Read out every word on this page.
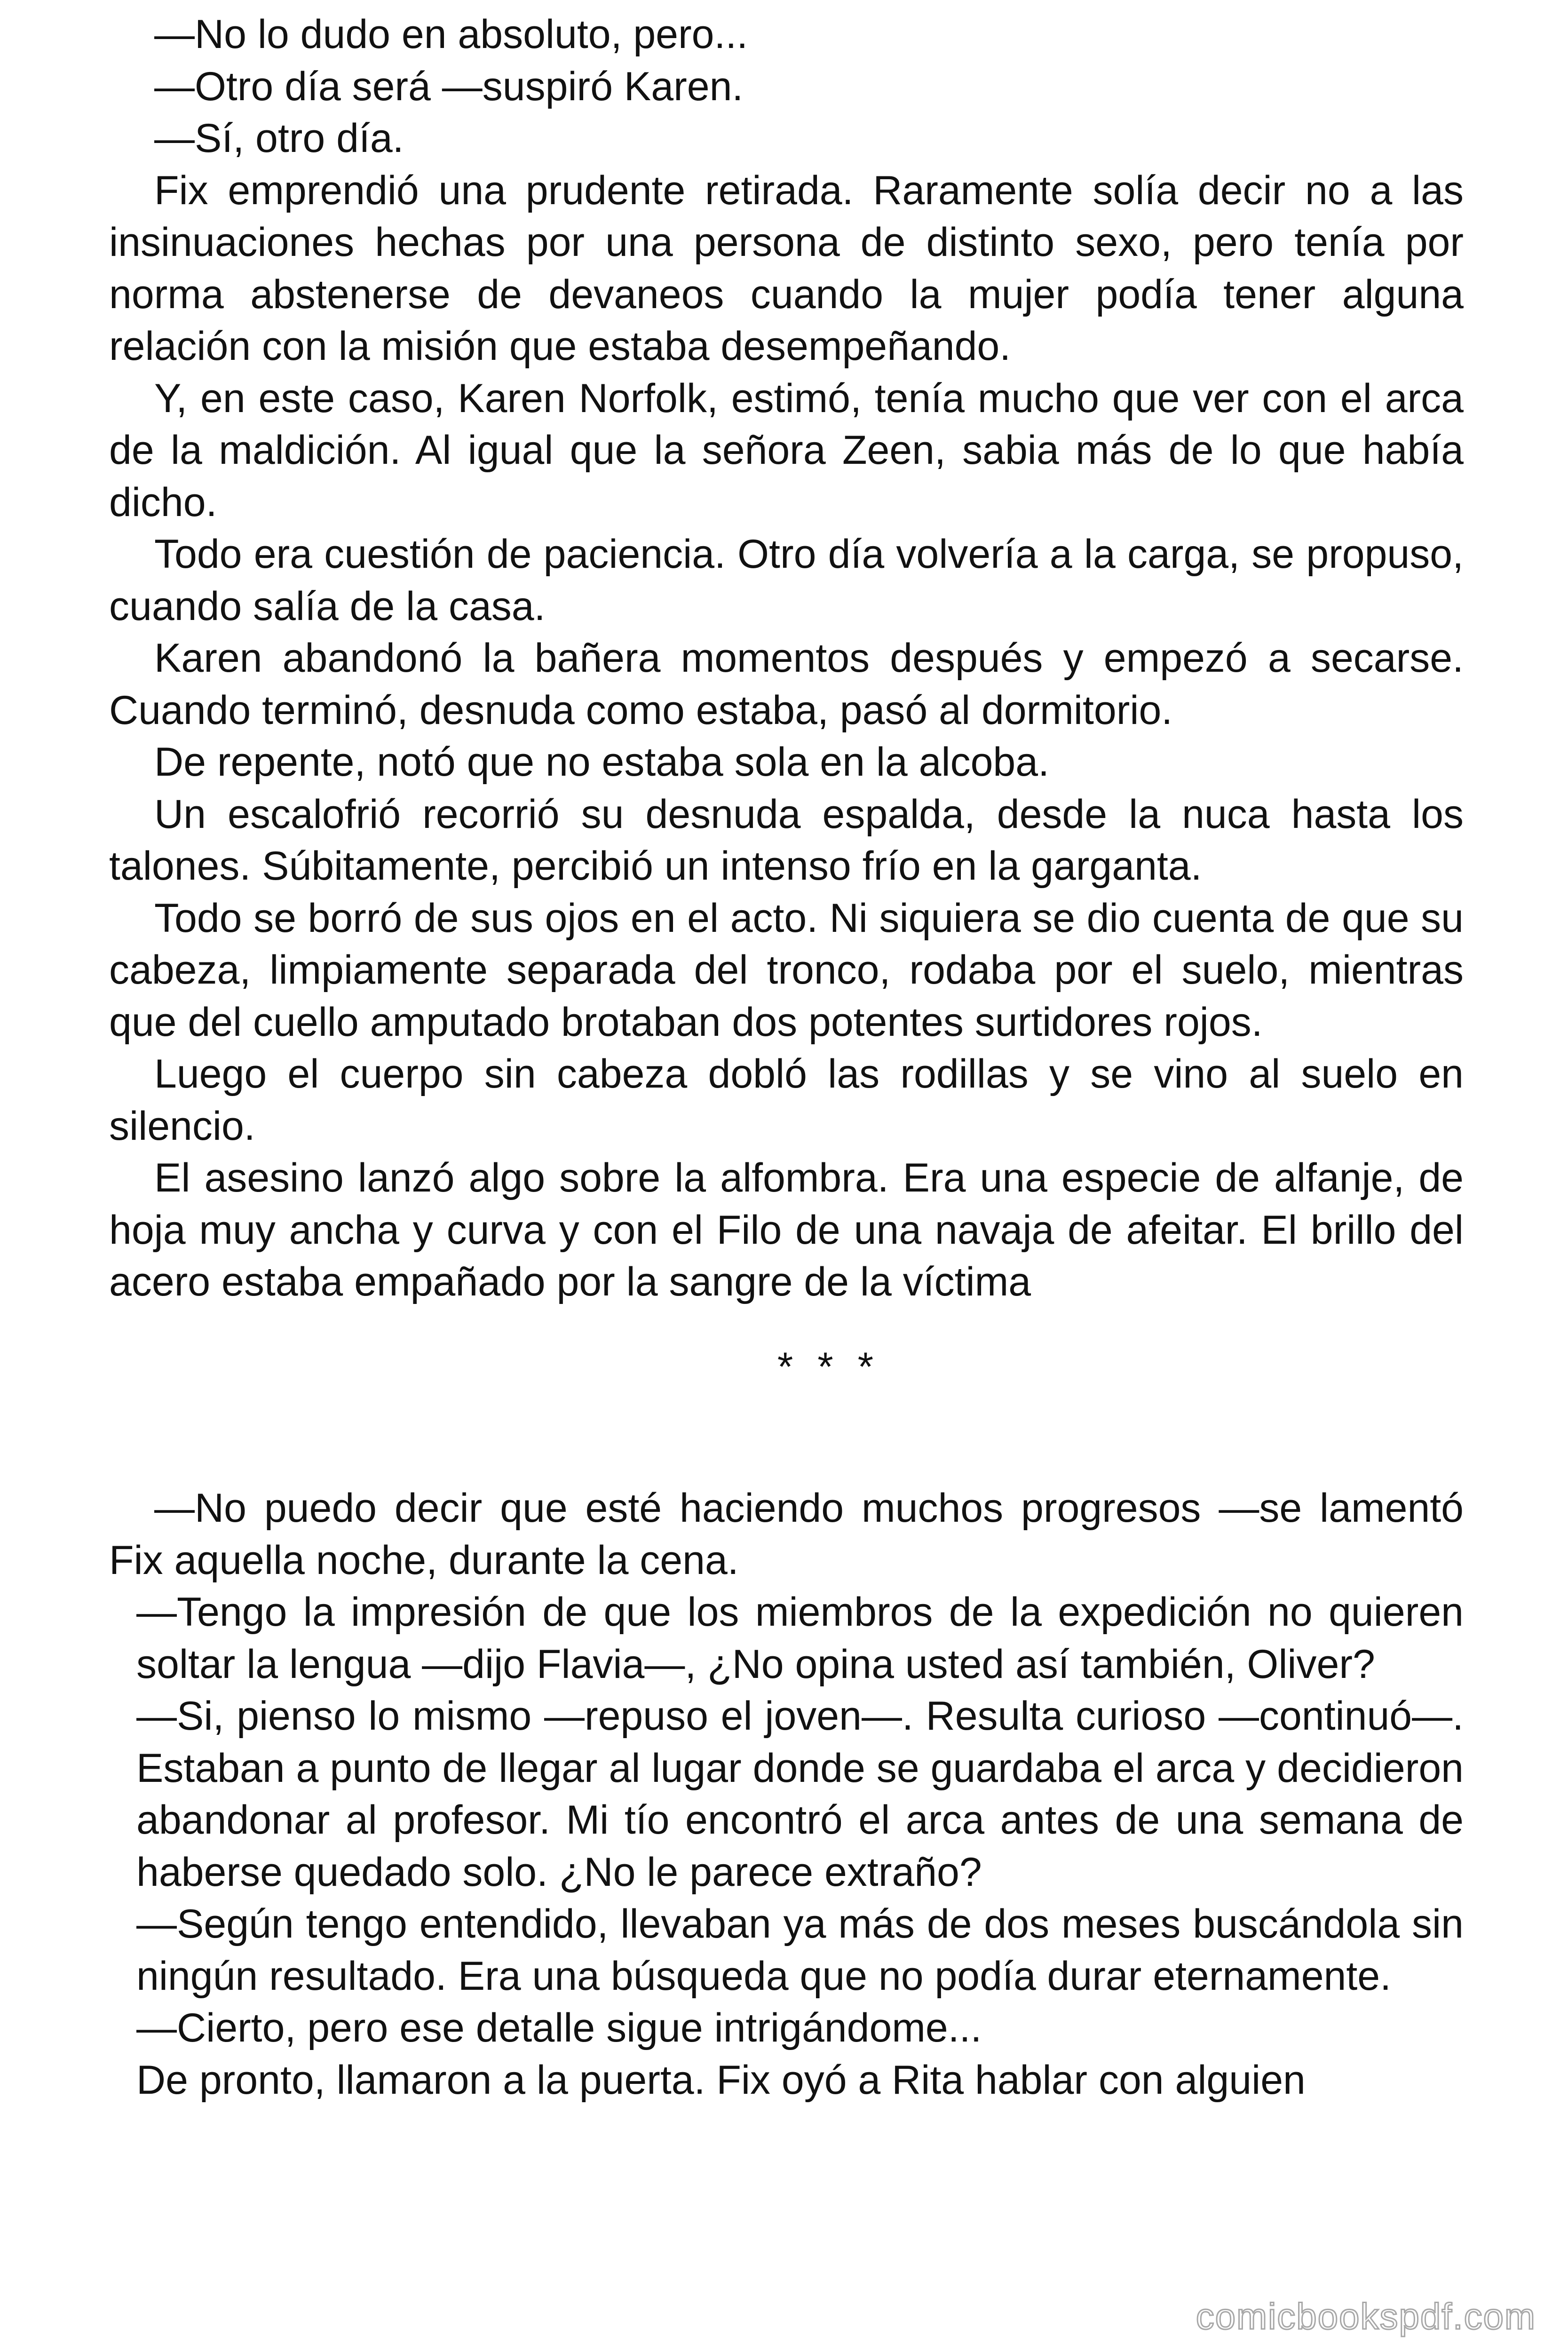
—No lo dudo en absoluto, pero...

—Otro día será —suspiró Karen.

—Sí, otro día.

Fix emprendió una prudente retirada. Raramente solía decir no a las insinuaciones hechas por una persona de distinto sexo, pero tenía por norma abstenerse de devaneos cuando la mujer podía tener alguna relación con la misión que estaba desempeñando.

Y, en este caso, Karen Norfolk, estimó, tenía mucho que ver con el arca de la maldición. Al igual que la señora Zeen, sabia más de lo que había dicho.

Todo era cuestión de paciencia. Otro día volvería a la carga, se propuso, cuando salía de la casa.

Karen abandonó la bañera momentos después y empezó a secarse. Cuando terminó, desnuda como estaba, pasó al dormitorio.

De repente, notó que no estaba sola en la alcoba.

Un escalofrió recorrió su desnuda espalda, desde la nuca hasta los talones. Súbitamente, percibió un intenso frío en la garganta.

Todo se borró de sus ojos en el acto. Ni siquiera se dio cuenta de que su cabeza, limpiamente separada del tronco, rodaba por el suelo, mientras que del cuello amputado brotaban dos potentes surtidores rojos.

Luego el cuerpo sin cabeza dobló las rodillas y se vino al suelo en silencio.

El asesino lanzó algo sobre la alfombra. Era una especie de alfanje, de hoja muy ancha y curva y con el Filo de una navaja de afeitar. El brillo del acero estaba empañado por la sangre de la víctima

* * *

—No puedo decir que esté haciendo muchos progresos —se lamentó Fix aquella noche, durante la cena.

—Tengo la impresión de que los miembros de la expedición no quieren soltar la lengua —dijo Flavia—, ¿No opina usted así también, Oliver?

—Si, pienso lo mismo —repuso el joven—. Resulta curioso —continuó—. Estaban a punto de llegar al lugar donde se guardaba el arca y decidieron abandonar al profesor. Mi tío encontró el arca antes de una semana de haberse quedado solo. ¿No le parece extraño?

—Según tengo entendido, llevaban ya más de dos meses buscándola sin ningún resultado. Era una búsqueda que no podía durar eternamente.

—Cierto, pero ese detalle sigue intrigándome...

De pronto, llamaron a la puerta. Fix oyó a Rita hablar con alguien

comicbookspdf.com
